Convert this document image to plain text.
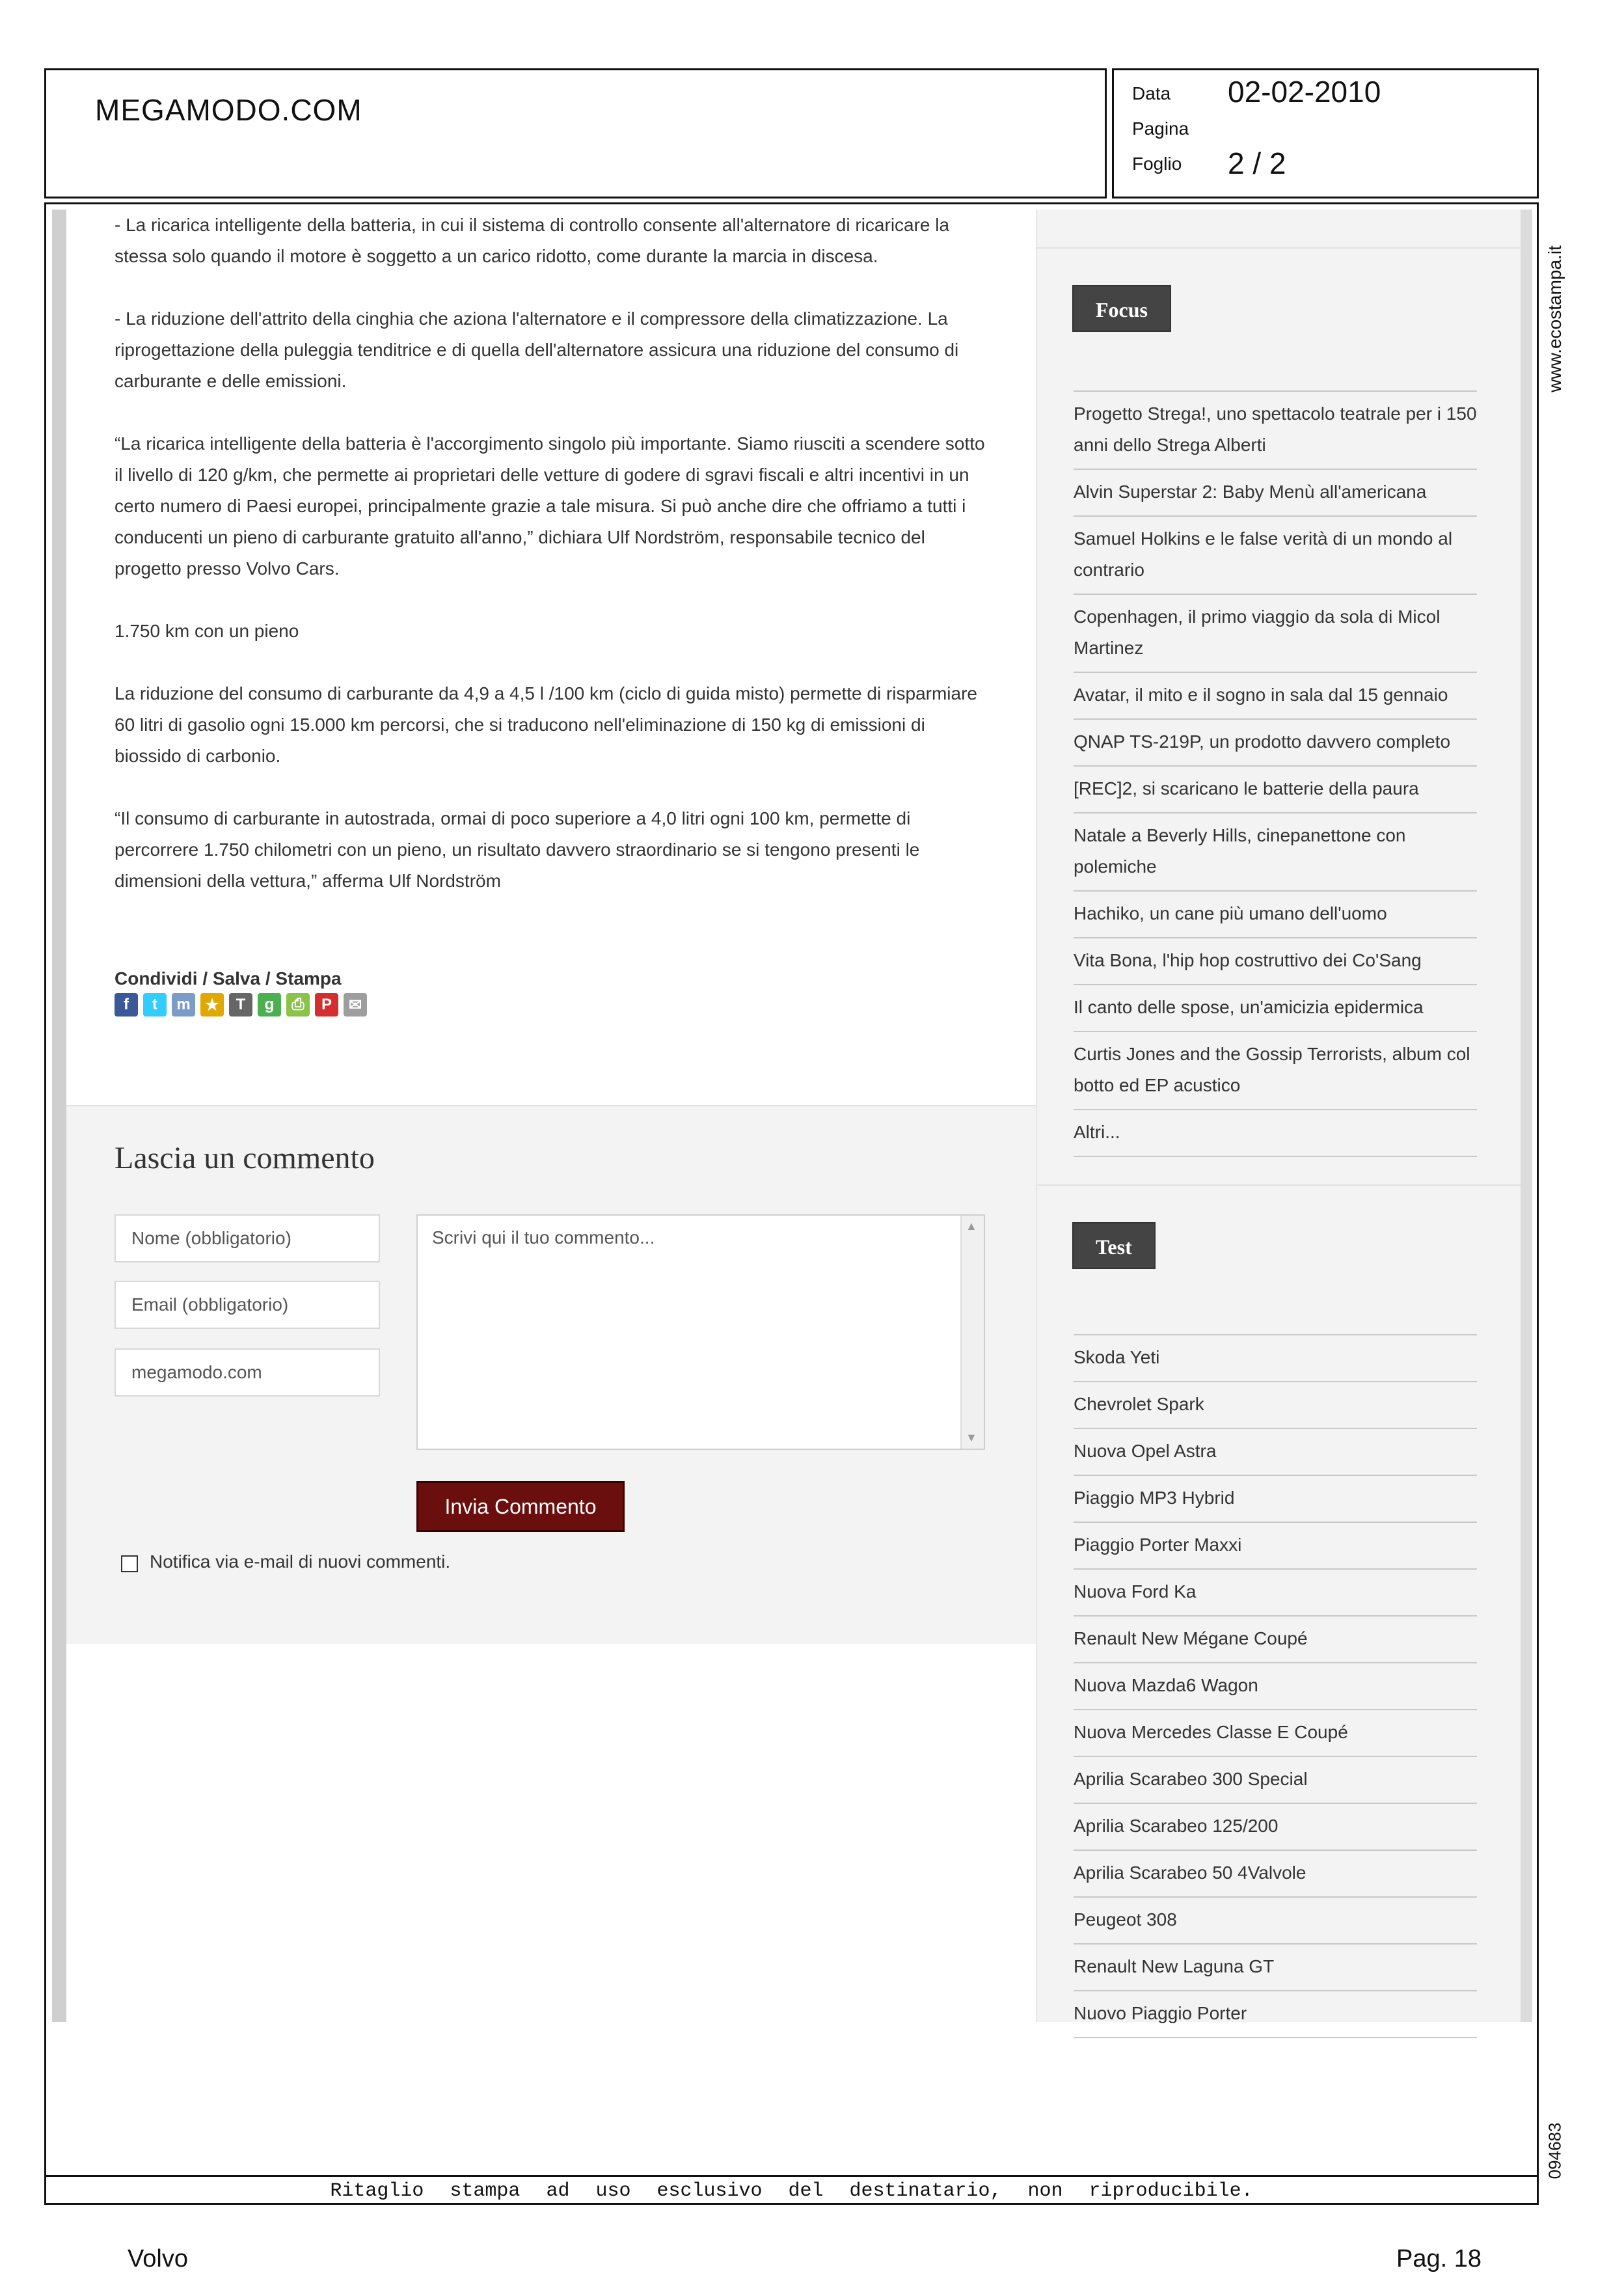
MEGAMODO.COM	Data 02-02-2010
Pagina
Foglio 2 / 2

- La ricarica intelligente della batteria, in cui il sistema di controllo consente all'alternatore di ricaricare la stessa solo quando il motore è soggetto a un carico ridotto, come durante la marcia in discesa.

- La riduzione dell'attrito della cinghia che aziona l'alternatore e il compressore della climatizzazione. La riprogettazione della puleggia tenditrice e di quella dell'alternatore assicura una riduzione del consumo di carburante e delle emissioni.

“La ricarica intelligente della batteria è l'accorgimento singolo più importante. Siamo riusciti a scendere sotto il livello di 120 g/km, che permette ai proprietari delle vetture di godere di sgravi fiscali e altri incentivi in un certo numero di Paesi europei, principalmente grazie a tale misura. Si può anche dire che offriamo a tutti i conducenti un pieno di carburante gratuito all'anno,” dichiara Ulf Nordström, responsabile tecnico del progetto presso Volvo Cars.

1.750 km con un pieno

La riduzione del consumo di carburante da 4,9 a 4,5 l /100 km (ciclo di guida misto) permette di risparmiare 60 litri di gasolio ogni 15.000 km percorsi, che si traducono nell'eliminazione di 150 kg di emissioni di biossido di carbonio.

“Il consumo di carburante in autostrada, ormai di poco superiore a 4,0 litri ogni 100 km, permette di percorrere 1.750 chilometri con un pieno, un risultato davvero straordinario se si tengono presenti le dimensioni della vettura,” afferma Ulf Nordström

Condividi / Salva / Stampa
f	t	m ★	T	g	⎙	P	✉
Lascia un commento
Nome (obbligatorio)
Email (obbligatorio)
megamodo.com
Scrivi qui il tuo commento...
▲
▼
Invia Commento
Notifica via e-mail di nuovi commenti.
Focus
Progetto Strega!, uno spettacolo teatrale per i 150 anni dello Strega Alberti
Alvin Superstar 2: Baby Menù all'americana
Samuel Holkins e le false verità di un mondo al contrario
Copenhagen, il primo viaggio da sola di Micol Martinez
Avatar, il mito e il sogno in sala dal 15 gennaio
QNAP TS-219P, un prodotto davvero completo
[REC]2, si scaricano le batterie della paura
Natale a Beverly Hills, cinepanettone con polemiche
Hachiko, un cane più umano dell'uomo
Vita Bona, l'hip hop costruttivo dei Co'Sang
Il canto delle spose, un'amicizia epidermica
Curtis Jones and the Gossip Terrorists, album col botto ed EP acustico
Altri...
Test
Skoda Yeti
Chevrolet Spark
Nuova Opel Astra
Piaggio MP3 Hybrid
Piaggio Porter Maxxi
Nuova Ford Ka
Renault New Mégane Coupé
Nuova Mazda6 Wagon
Nuova Mercedes Classe E Coupé
Aprilia Scarabeo 300 Special
Aprilia Scarabeo 125/200
Aprilia Scarabeo 50 4Valvole
Peugeot 308
Renault New Laguna GT
Nuovo Piaggio Porter
www.ecostampa.it
094683
Ritaglio stampa ad uso esclusivo del destinatario, non riproducibile.
Volvo	Pag. 18
